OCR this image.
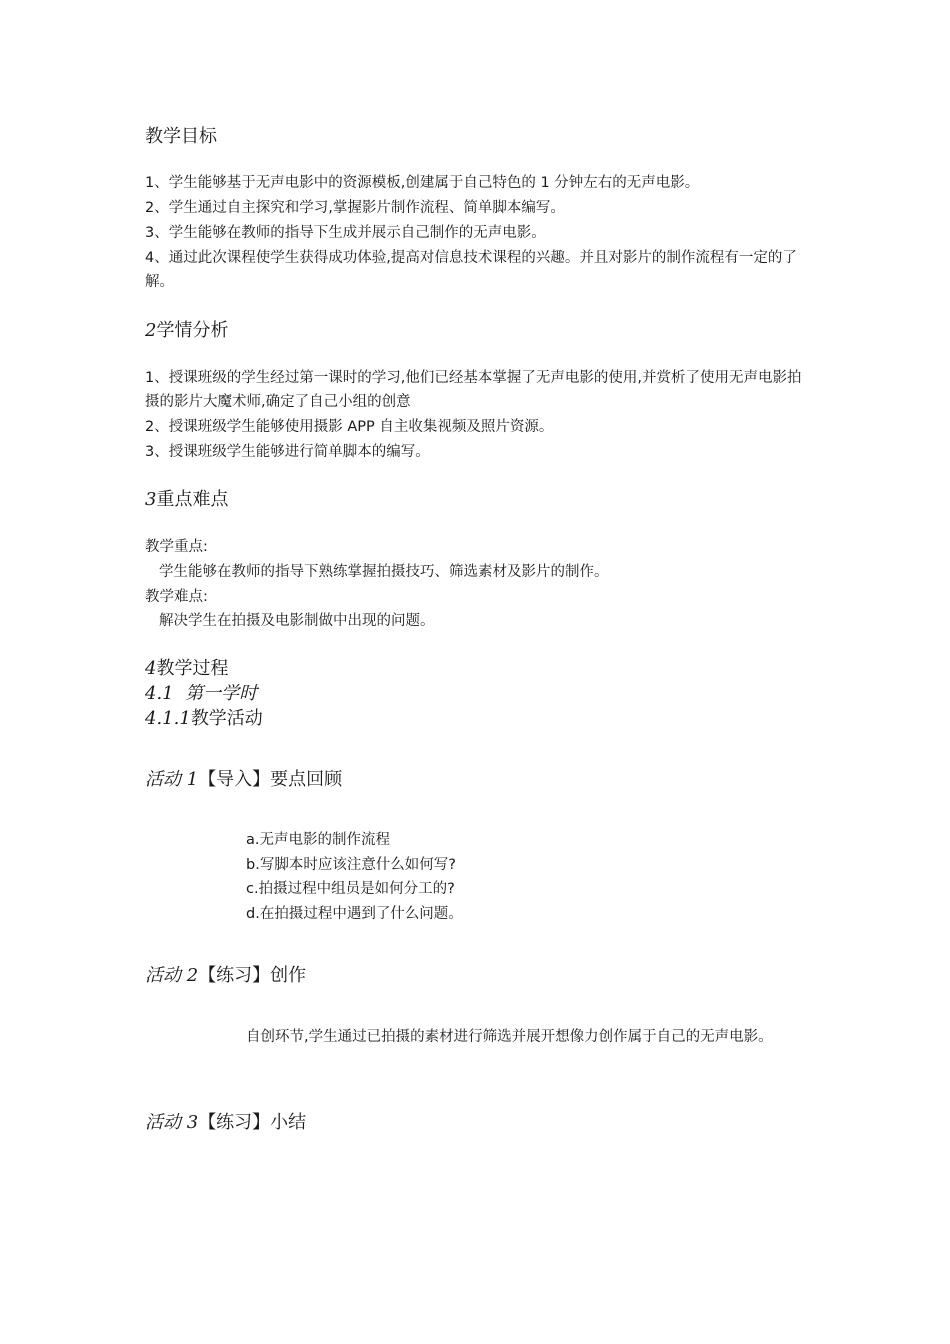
教学目标
1、学生能够基于无声电影中的资源模板,创建属于自己特色的 1 分钟左右的无声电影。
2、学生通过自主探究和学习,掌握影片制作流程、简单脚本编写。
3、学生能够在教师的指导下生成并展示自己制作的无声电影。
4、通过此次课程使学生获得成功体验,提高对信息技术课程的兴趣。并且对影片的制作流程有一定的了解。
2学情分析
1、授课班级的学生经过第一课时的学习,他们已经基本掌握了无声电影的使用,并赏析了使用无声电影拍摄的影片大魔术师,确定了自己小组的创意
2、授课班级学生能够使用摄影 APP 自主收集视频及照片资源。
3、授课班级学生能够进行简单脚本的编写。
3重点难点
教学重点:
学生能够在教师的指导下熟练掌握拍摄技巧、筛选素材及影片的制作。
教学难点:
解决学生在拍摄及电影制做中出现的问题。
4教学过程
4.1 第一学时
4.1.1教学活动
活动 1【导入】要点回顾
a.无声电影的制作流程
b.写脚本时应该注意什么如何写?
c.拍摄过程中组员是如何分工的?
d.在拍摄过程中遇到了什么问题。
活动 2【练习】创作
自创环节,学生通过已拍摄的素材进行筛选并展开想像力创作属于自己的无声电影。
活动 3【练习】小结
